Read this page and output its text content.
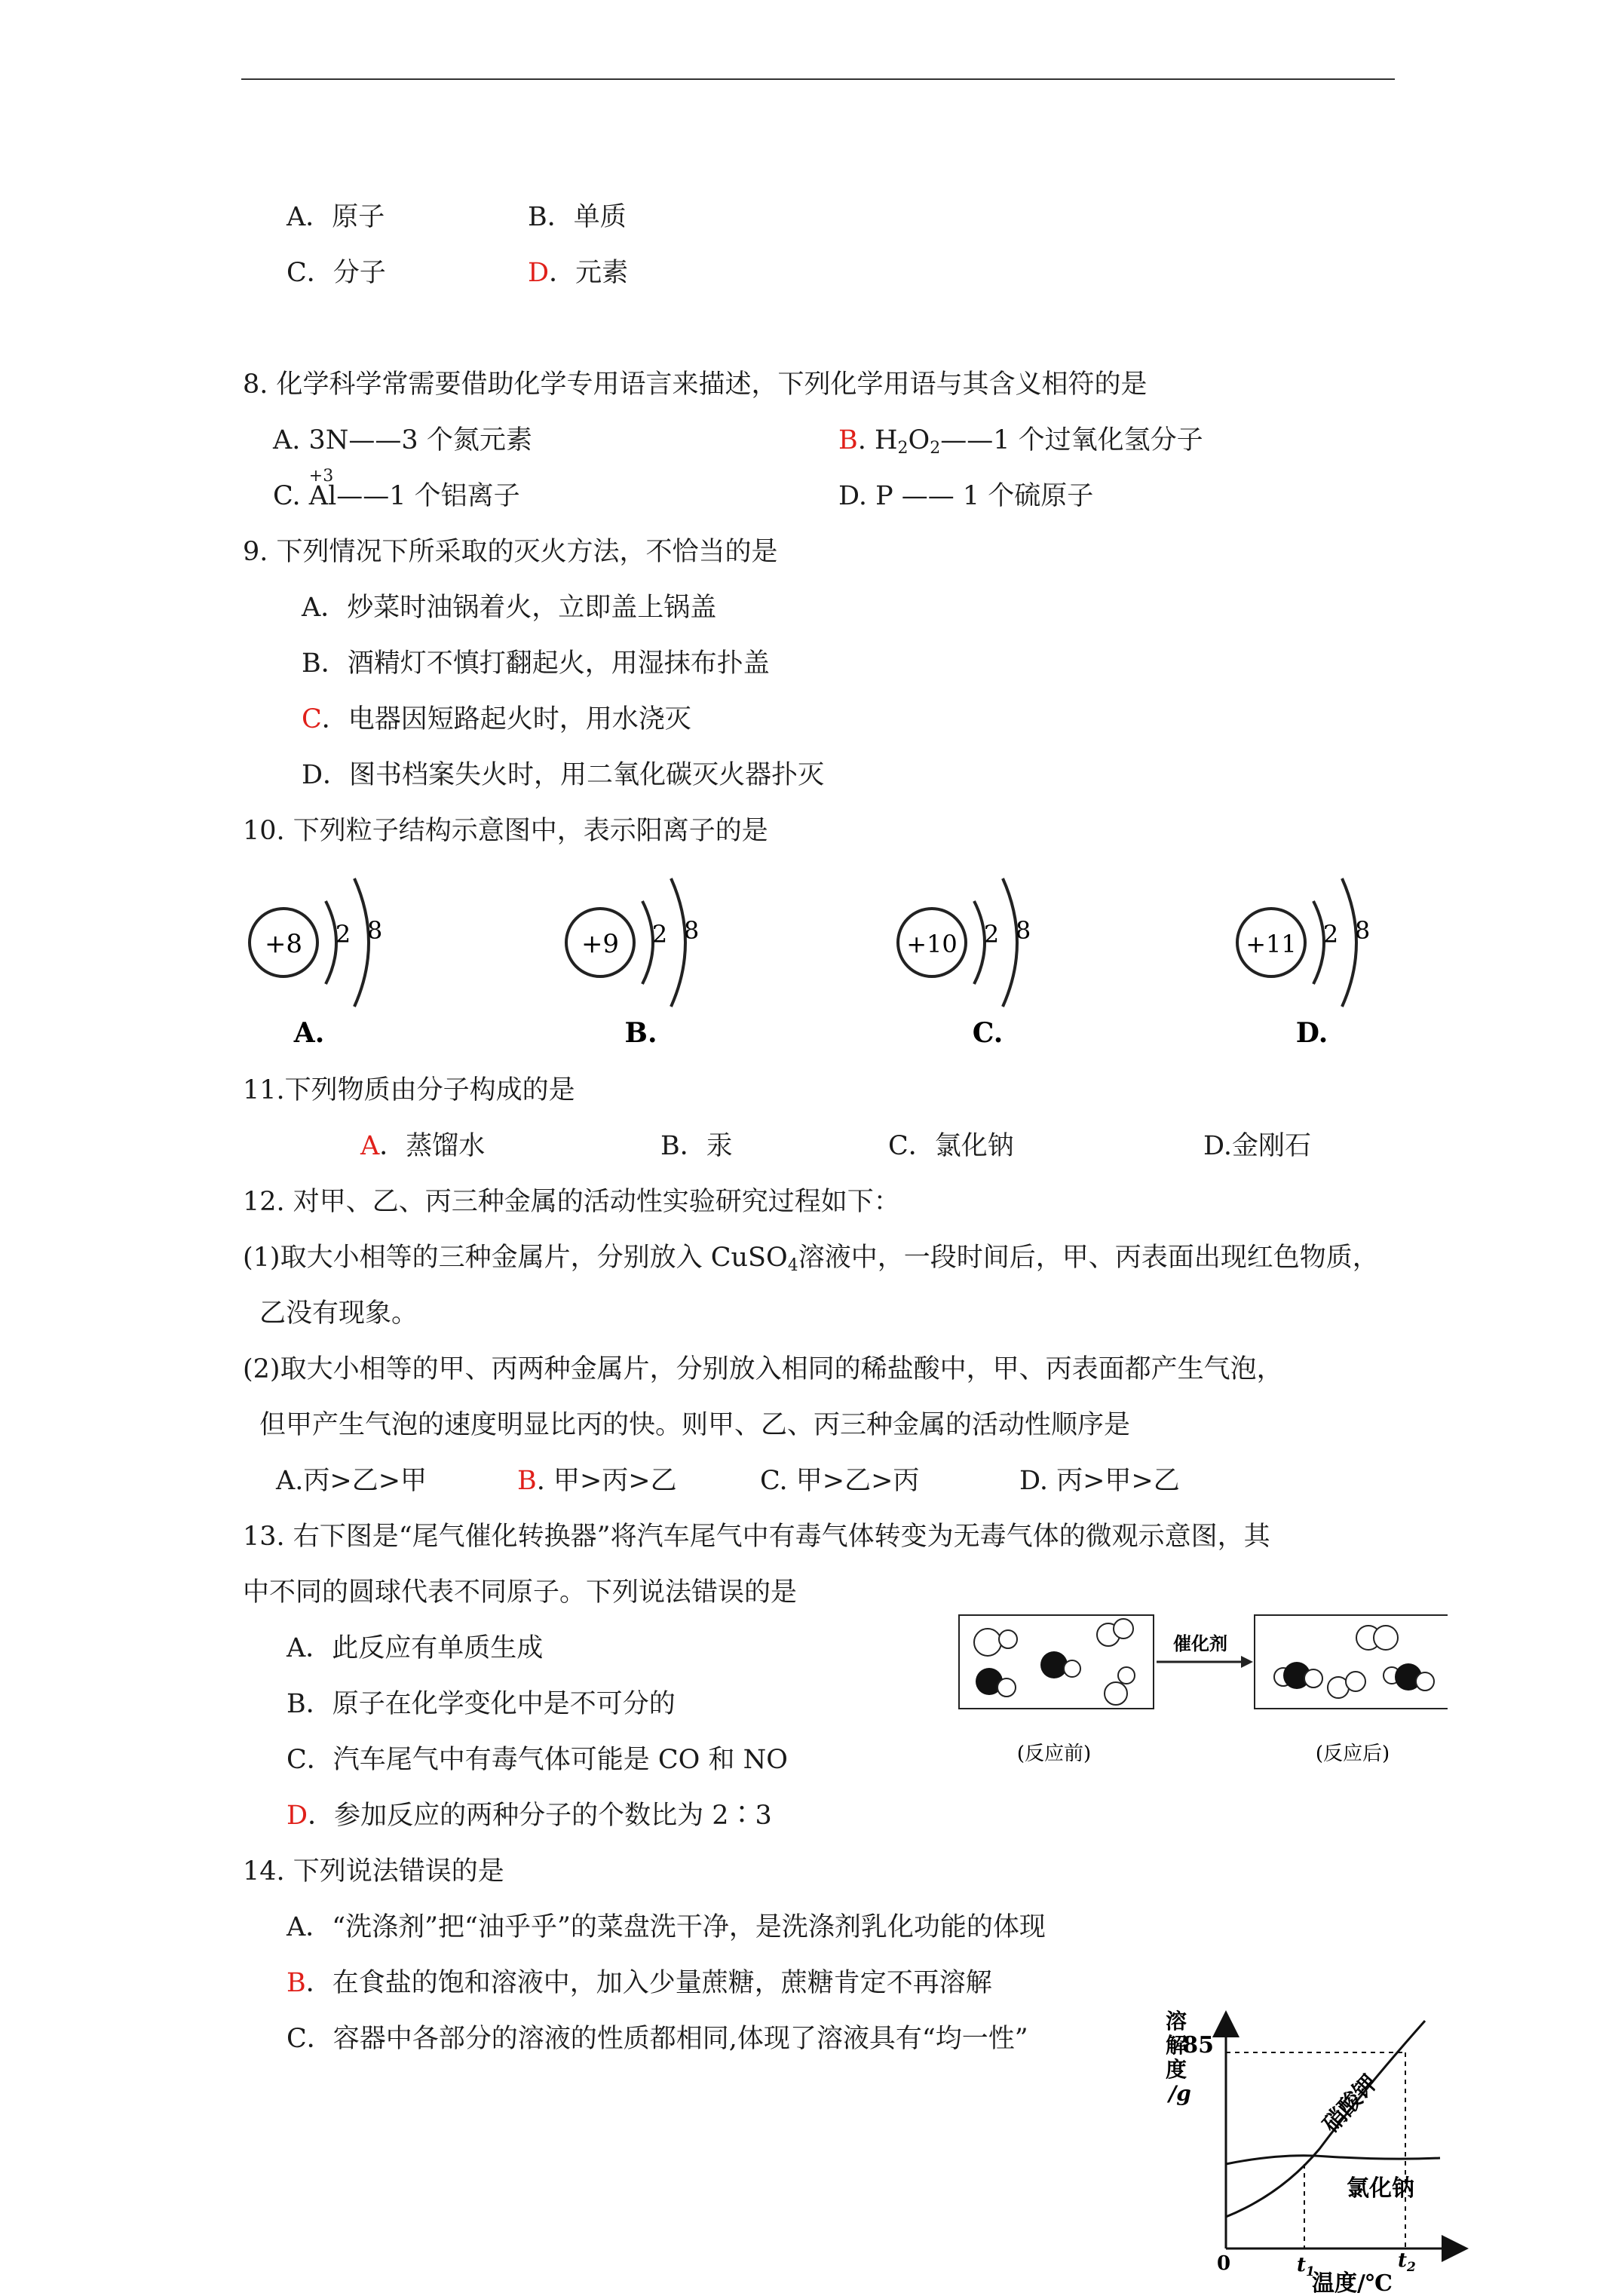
A．原子	B．单质
C．分子	D．元素
8. 化学科学常需要借助化学专用语言来描述，下列化学用语与其含义相符的是
A. 3N——3 个氮元素	B. $H_2O_2——1$ 个过氧化氢分子
C.
+3
Al——1 个铝离子	D. P —— 1 个硫原子
9. 下列情况下所采取的灭火方法，不恰当的是
A．炒菜时油锅着火，立即盖上锅盖
B．酒精灯不慎打翻起火，用湿抹布扑盖
C．电器因短路起火时，用水浇灭
D．图书档案失火时，用二氧化碳灭火器扑灭
10. 下列粒子结构示意图中，表示阳离子的是
+8 2 8
A.
+9 2 8
B.
+10 2 8
C.
+11 2 8
D.
11.下列物质由分子构成的是
A．蒸馏水	B．汞	C．氯化钠	D.金刚石
12. 对甲、乙、丙三种金属的活动性实验研究过程如下：
(1)取大小相等的三种金属片，分别放入 CuSO$_4$溶液中，一段时间后，甲、丙表面出现红色物质，
乙没有现象。
(2)取大小相等的甲、丙两种金属片，分别放入相同的稀盐酸中，甲、丙表面都产生气泡，
但甲产生气泡的速度明显比丙的快。则甲、乙、丙三种金属的活动性顺序是
A.丙>乙>甲	B. 甲>丙>乙	C. 甲>乙>丙	D. 丙>甲>乙
13. 右下图是“尾气催化转换器”将汽车尾气中有毒气体转变为无毒气体的微观示意图，其
中不同的圆球代表不同原子。下列说法错误的是
A．此反应有单质生成
B．原子在化学变化中是不可分的
C．汽车尾气中有毒气体可能是 CO 和 NO
D．参加反应的两种分子的个数比为 2∶3
催化剂
(反应前)	(反应后)
14. 下列说法错误的是
A．“洗涤剂”把“油乎乎”的菜盘洗干净，是洗涤剂乳化功能的体现
B．在食盐的饱和溶液中，加入少量蔗糖，蔗糖肯定不再溶解
C．容器中各部分的溶液的性质都相同,体现了溶液具有“均一性”
溶
解
度
/g
85
硝酸钾
氯化钠
0	$t_1$	$t_2$
温度/℃
